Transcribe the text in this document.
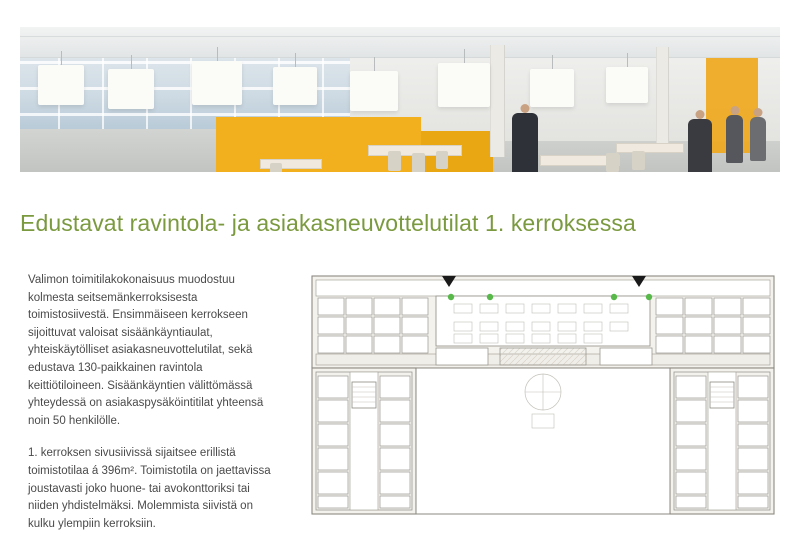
Edustavat ravintola- ja asiakasneuvottelutilat 1. kerroksessa

Valimon toimitilakokonaisuus muodostuu kolmesta seitsemänkerroksisesta toimistosiivestä. Ensimmäiseen kerrokseen sijoittuvat valoisat sisäänkäyntiaulat, yhteiskäytölliset asiakasneuvottelutilat, sekä edustava 130-paikkainen ravintola keittiötiloineen. Sisäänkäyntien välittömässä yhteydessä on asiakaspysäköintitilat yhteensä noin 50 henkilölle.

1. kerroksen sivusiivissä sijaitsee erillistä toimistotilaa á 396m². Toimistotila on jaettavissa joustavasti joko huone- tai avokonttoriksi tai niiden yhdistelmäksi. Molemmista siivistä on kulku ylempiin kerroksiin.
